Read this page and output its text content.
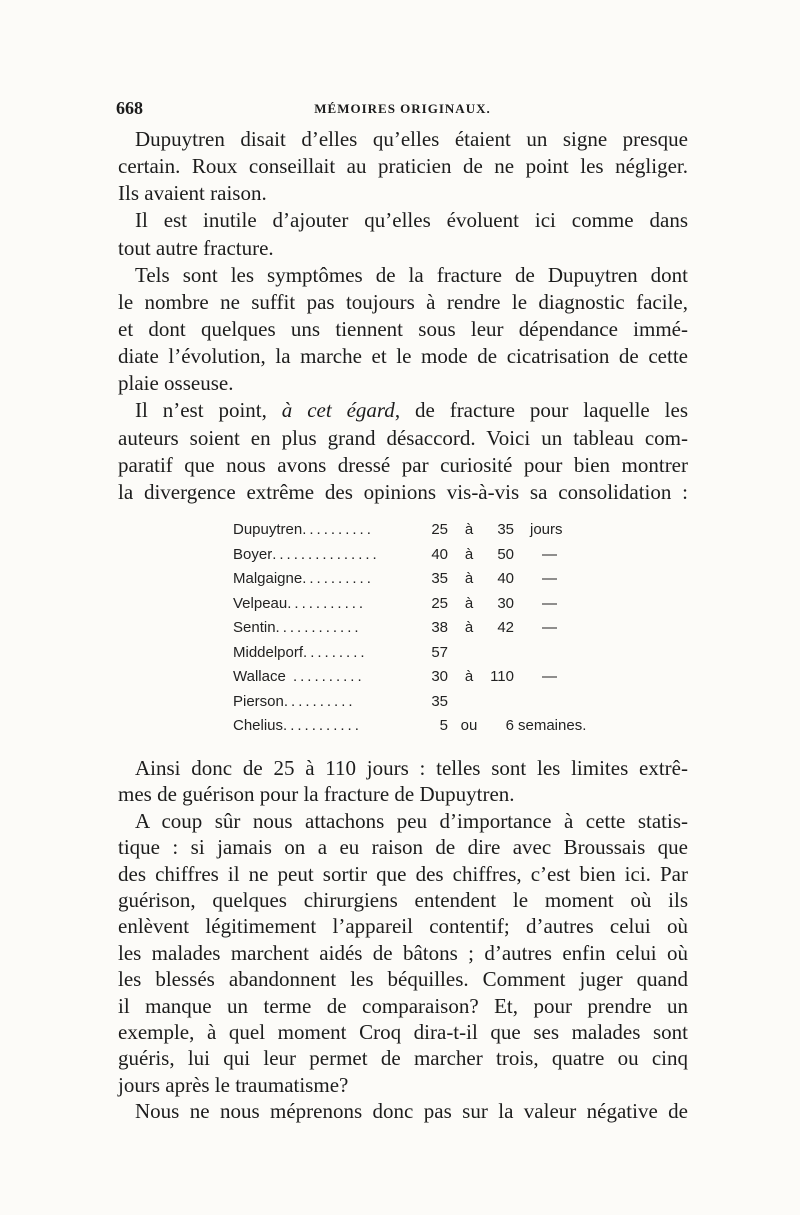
668	MÉMOIRES ORIGINAUX.
Dupuytren disait d’elles qu’elles étaient un signe presque
certain. Roux conseillait au praticien de ne point les négliger.
Ils avaient raison.
Il est inutile d’ajouter qu’elles évoluent ici comme dans
tout autre fracture.
Tels sont les symptômes de la fracture de Dupuytren dont
le nombre ne suffit pas toujours à rendre le diagnostic facile,
et dont quelques uns tiennent sous leur dépendance immé-
diate l’évolution, la marche et le mode de cicatrisation de cette
plaie osseuse.
Il n’est point, à cet égard, de fracture pour laquelle les
auteurs soient en plus grand désaccord. Voici un tableau com-
paratif que nous avons dressé par curiosité pour bien montrer
la divergence extrême des opinions vis-à-vis sa consolidation :
Dupuytren..........	25	à	35 jours
Boyer...............	40	à	50 —
Malgaigne..........	35	à	40 —
Velpeau...........	25	à	30 —
Sentin............	38	à	42 —
Middelporf.........	57
Wallace ..........	30	à	110 —
Pierson..........	35
Chelius...........	5 ou	6 semaines.
Ainsi donc de 25 à 110 jours : telles sont les limites extrê-
mes de guérison pour la fracture de Dupuytren.
A coup sûr nous attachons peu d’importance à cette statis-
tique : si jamais on a eu raison de dire avec Broussais que
des chiffres il ne peut sortir que des chiffres, c’est bien ici. Par
guérison, quelques chirurgiens entendent le moment où ils
enlèvent légitimement l’appareil contentif; d’autres celui où
les malades marchent aidés de bâtons ; d’autres enfin celui où
les blessés abandonnent les béquilles. Comment juger quand
il manque un terme de comparaison? Et, pour prendre un
exemple, à quel moment Croq dira-t-il que ses malades sont
guéris, lui qui leur permet de marcher trois, quatre ou cinq
jours après le traumatisme?
Nous ne nous méprenons donc pas sur la valeur négative de
